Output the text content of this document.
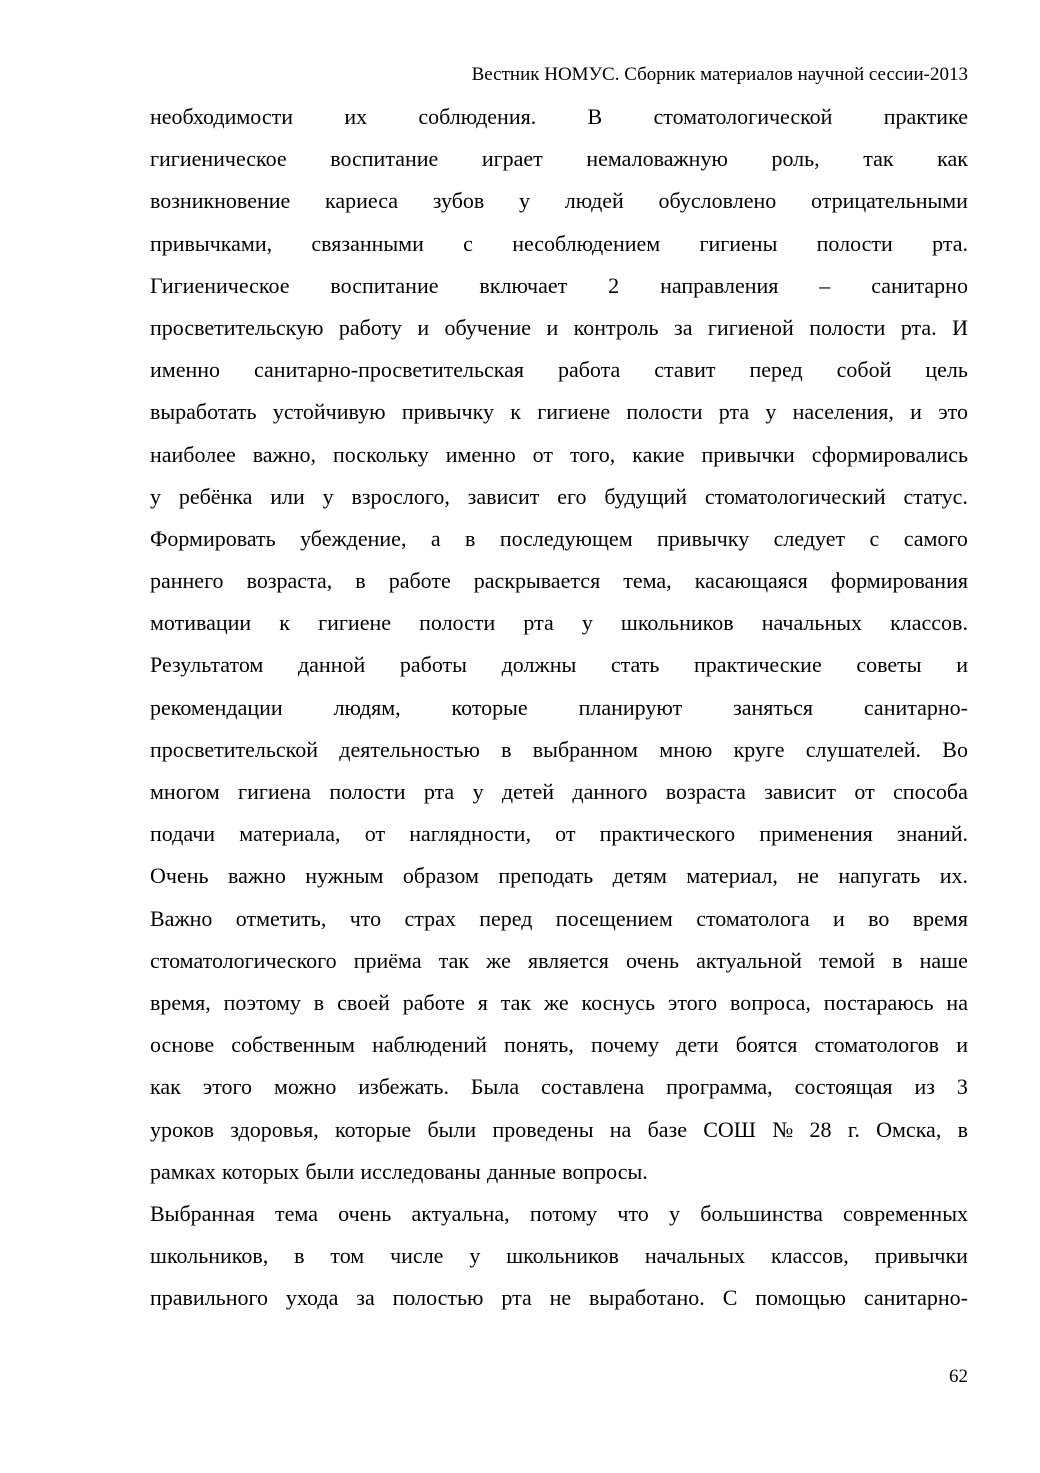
Вестник НОМУС. Сборник материалов научной сессии-2013
необходимости их соблюдения. В стоматологической практике
гигиеническое воспитание играет немаловажную роль, так как
возникновение кариеса зубов у людей обусловлено отрицательными
привычками, связанными с несоблюдением гигиены полости рта.
Гигиеническое воспитание включает 2 направления – санитарно
просветительскую работу и обучение и контроль за гигиеной полости рта. И
именно санитарно-просветительская работа ставит перед собой цель
выработать устойчивую привычку к гигиене полости рта у населения, и это
наиболее важно, поскольку именно от того, какие привычки сформировались
у ребёнка или у взрослого, зависит его будущий стоматологический статус.
Формировать убеждение, а в последующем привычку следует с самого
раннего возраста, в работе раскрывается тема, касающаяся формирования
мотивации к гигиене полости рта у школьников начальных классов.
Результатом данной работы должны стать практические советы и
рекомендации людям, которые планируют заняться санитарно-
просветительской деятельностью в выбранном мною круге слушателей. Во
многом гигиена полости рта у детей данного возраста зависит от способа
подачи материала, от наглядности, от практического применения знаний.
Очень важно нужным образом преподать детям материал, не напугать их.
Важно отметить, что страх перед посещением стоматолога и во время
стоматологического приёма так же является очень актуальной темой в наше
время, поэтому в своей работе я так же коснусь этого вопроса, постараюсь на
основе собственным наблюдений понять, почему дети боятся стоматологов и
как этого можно избежать. Была составлена программа, состоящая из 3
уроков здоровья, которые были проведены на базе СОШ № 28 г. Омска, в
рамках которых были исследованы данные вопросы.
Выбранная тема очень актуальна, потому что у большинства современных
школьников, в том числе у школьников начальных классов, привычки
правильного ухода за полостью рта не выработано. С помощью санитарно-
62
